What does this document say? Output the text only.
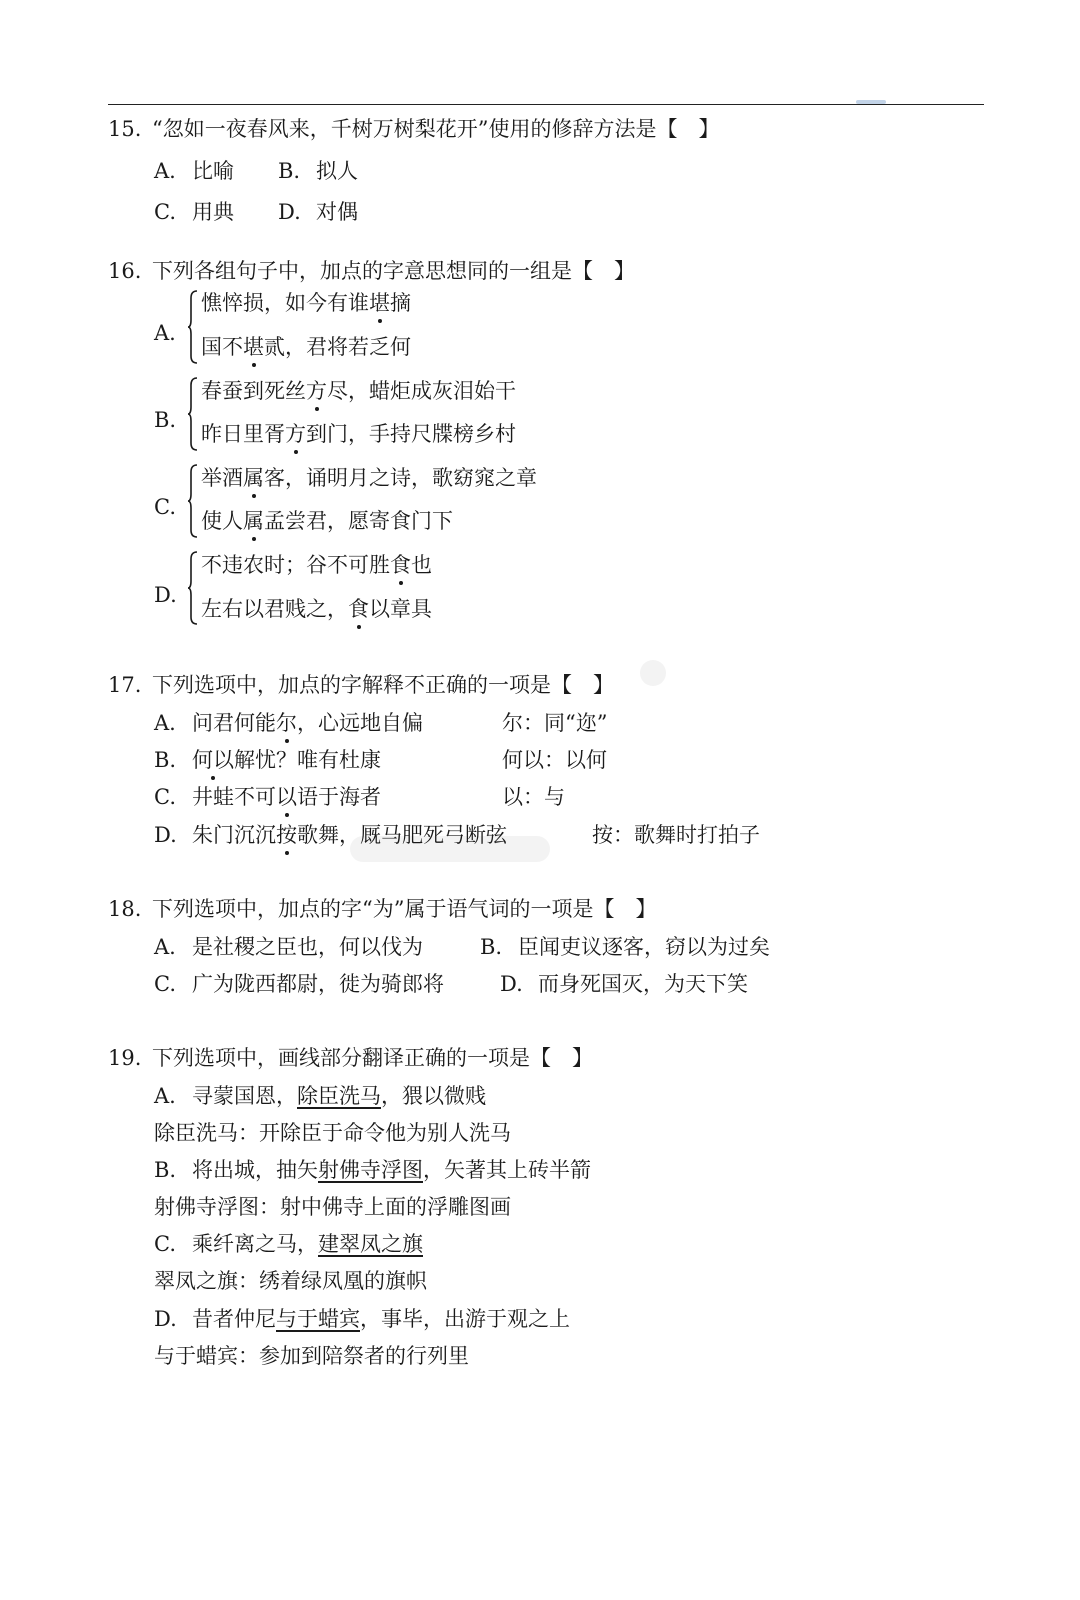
15. “忽如一夜春风来，千树万树梨花开”使用的修辞方法是【　】
A. 比喻 B. 拟人
C. 用典 D. 对偶
16. 下列各组句子中，加点的字意思想同的一组是【　】
A.
憔悴损，如今有谁堪摘
国不堪贰，君将若乏何
B.
春蚕到死丝方尽，蜡炬成灰泪始干
昨日里胥方到门，手持尺牒榜乡村
C.
举酒属客，诵明月之诗，歌窈窕之章
使人属孟尝君，愿寄食门下
D.
不违农时；谷不可胜食也
左右以君贱之，食以章具
17. 下列选项中，加点的字解释不正确的一项是【　】
A. 问君何能尔，心远地自偏	尔：同“迩”
B. 何以解忧？唯有杜康	何以：以何
C. 井蛙不可以语于海者	以：与
D. 朱门沉沉按歌舞，厩马肥死弓断弦	按：歌舞时打拍子
18. 下列选项中，加点的字“为”属于语气词的一项是【　】
A. 是社稷之臣也，何以伐为	B. 臣闻吏议逐客，窃以为过矣
C. 广为陇西都尉，徙为骑郎将	D. 而身死国灭，为天下笑
19. 下列选项中，画线部分翻译正确的一项是【　】
A. 寻蒙国恩，除臣洗马，猥以微贱
除臣洗马：开除臣于命令他为别人洗马
B. 将出城，抽矢射佛寺浮图，矢著其上砖半箭
射佛寺浮图：射中佛寺上面的浮雕图画
C. 乘纤离之马，建翠凤之旗
翠凤之旗：绣着绿凤凰的旗帜
D. 昔者仲尼与于蜡宾，事毕，出游于观之上
与于蜡宾：参加到陪祭者的行列里
